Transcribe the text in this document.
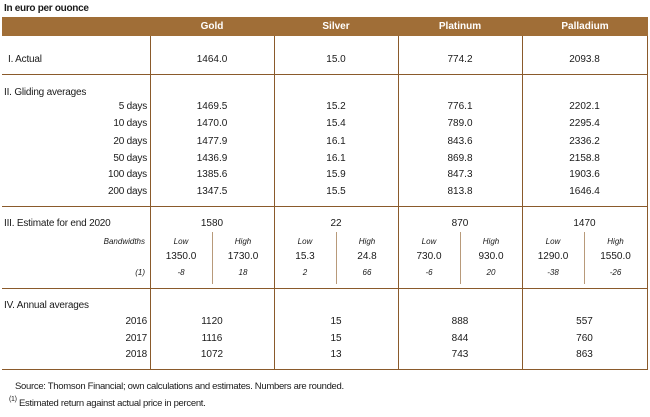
In euro per ouonce
Gold	Silver	Platinum	Palladium
I. Actual	1464.0	15.0	774.2	2093.8
II. Gliding averages
5 days	1469.5	15.2	776.1	2202.1
10 days	1470.0	15.4	789.0	2295.4
20 days	1477.9	16.1	843.6	2336.2
50 days	1436.9	16.1	869.8	2158.8
100 days	1385.6	15.9	847.3	1903.6
200 days	1347.5	15.5	813.8	1646.4
III. Estimate for end 2020	1580	22	870	1470
Bandwidths	Low	High	Low	High	Low	High	Low	High
1350.0	1730.0	15.3	24.8	730.0	930.0	1290.0	1550.0
(1)	-8	18	2	66	-6	20	-38	-26
IV. Annual averages
2016	1120	15	888	557
2017	1116	15	844	760
2018	1072	13	743	863
Source: Thomson Financial; own calculations and estimates. Numbers are rounded.
$^{(1)}$ Estimated return against actual price in percent.
